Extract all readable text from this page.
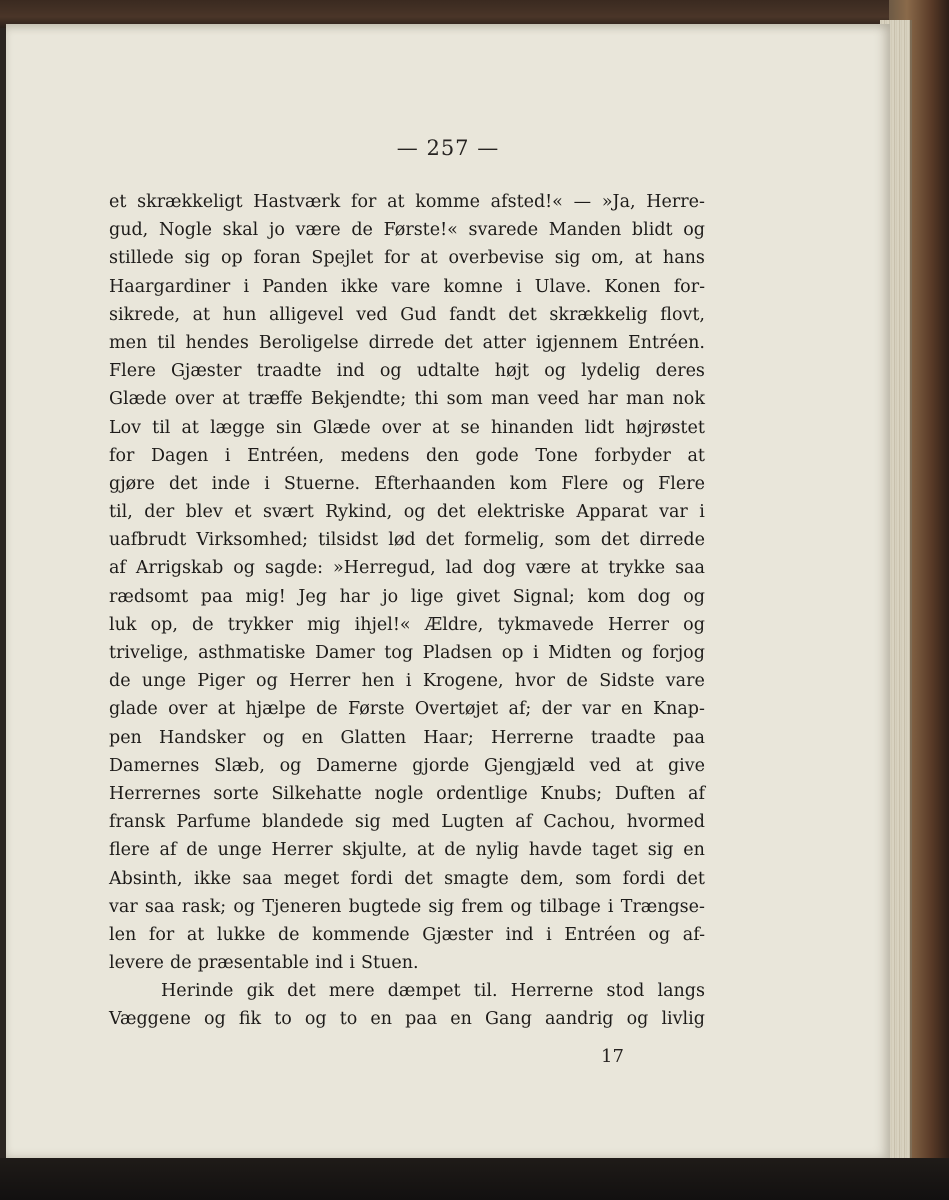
— 257 —
et skrækkeligt Hastværk for at komme afsted!« — »Ja, Herre-
gud, Nogle skal jo være de Første!« svarede Manden blidt og
stillede sig op foran Spejlet for at overbevise sig om, at hans
Haargardiner i Panden ikke vare komne i Ulave. Konen for-
sikrede, at hun alligevel ved Gud fandt det skrækkelig flovt,
men til hendes Beroligelse dirrede det atter igjennem Entréen.
Flere Gjæster traadte ind og udtalte højt og lydelig deres
Glæde over at træffe Bekjendte; thi som man veed har man nok
Lov til at lægge sin Glæde over at se hinanden lidt højrøstet
for Dagen i Entréen, medens den gode Tone forbyder at
gjøre det inde i Stuerne. Efterhaanden kom Flere og Flere
til, der blev et svært Rykind, og det elektriske Apparat var i
uafbrudt Virksomhed; tilsidst lød det formelig, som det dirrede
af Arrigskab og sagde: »Herregud, lad dog være at trykke saa
rædsomt paa mig! Jeg har jo lige givet Signal; kom dog og
luk op, de trykker mig ihjel!« Ældre, tykmavede Herrer og
trivelige, asthmatiske Damer tog Pladsen op i Midten og forjog
de unge Piger og Herrer hen i Krogene, hvor de Sidste vare
glade over at hjælpe de Første Overtøjet af; der var en Knap-
pen Handsker og en Glatten Haar; Herrerne traadte paa
Damernes Slæb, og Damerne gjorde Gjengjæld ved at give
Herrernes sorte Silkehatte nogle ordentlige Knubs; Duften af
fransk Parfume blandede sig med Lugten af Cachou, hvormed
flere af de unge Herrer skjulte, at de nylig havde taget sig en
Absinth, ikke saa meget fordi det smagte dem, som fordi det
var saa rask; og Tjeneren bugtede sig frem og tilbage i Trængse-
len for at lukke de kommende Gjæster ind i Entréen og af-
levere de præsentable ind i Stuen.
Herinde gik det mere dæmpet til. Herrerne stod langs
Væggene og fik to og to en paa en Gang aandrig og livlig
17
